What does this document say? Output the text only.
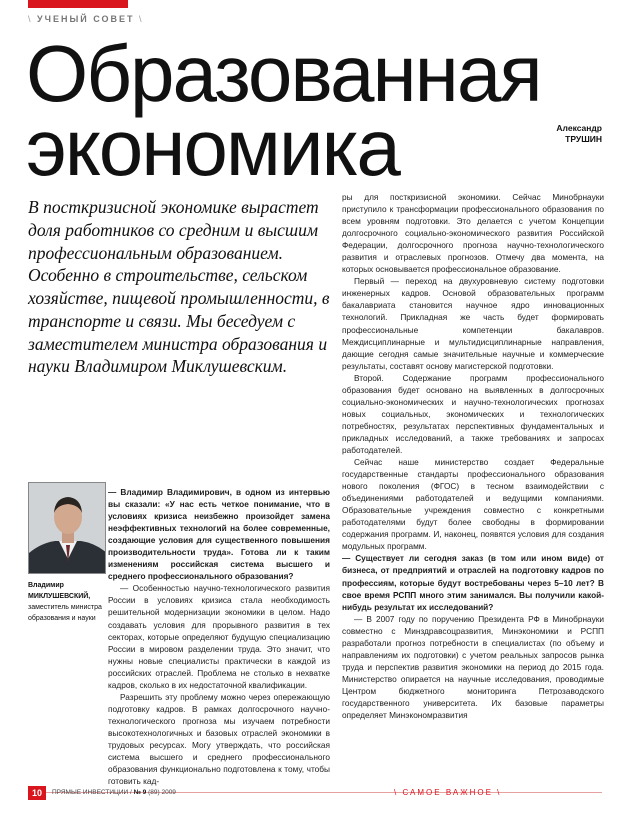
\ УЧЕНЫЙ СОВЕТ \
Образованная
экономика	Александр
ТРУШИН
В посткризисной экономике вырастет доля работников со средним и высшим профессиональным образованием. Особенно в строительстве, сельском хозяйстве, пищевой промышленности, в транспорте и связи. Мы беседуем с заместителем министра образования и науки Владимиром Миклушевским.
Владимир
МИКЛУШЕВСКИЙ,
заместитель министра образования и науки

— Владимир Владимирович, в одном из интервью вы сказали: «У нас есть четкое понимание, что в условиях кризиса неизбежно произойдет замена неэффективных технологий на более современные, создающие условия для существенного повышения производительности труда». Готова ли к таким изменениям российская система высшего и среднего профессионального образования?

— Особенностью научно-технологического развития России в условиях кризиса стала необходимость решительной модернизации экономики в целом. Надо создавать условия для прорывного развития в тех секторах, которые определяют будущую специализацию России в мировом разделении труда. Это значит, что нужны новые специалисты практически в каждой из российских отраслей. Проблема не столько в нехватке кадров, сколько в их недостаточной квалификации.

Разрешить эту проблему можно через опережающую подготовку кадров. В рамках долгосрочного научно-технологического прогноза мы изучаем потребности высокотехнологичных и базовых отраслей экономики в трудовых ресурсах. Могу утверждать, что российская система высшего и среднего профессионального образования функционально подготовлена к тому, чтобы готовить кад-

ры для посткризисной экономики. Сейчас Минобрнауки приступило к трансформации профессионального образования по всем уровням подготовки. Это делается с учетом Концепции долгосрочного социально-экономического развития Российской Федерации, долгосрочного прогноза научно-технологического развития и отраслевых прогнозов. Отмечу два момента, на которых основывается профессиональное образование.

Первый — переход на двухуровневую систему подготовки инженерных кадров. Основой образовательных программ бакалавриата становится научное ядро инновационных технологий. Прикладная же часть будет формировать профессиональные компетенции бакалавров. Междисциплинарные и мультидисциплинарные направления, дающие сегодня самые значительные научные и коммерческие результаты, составят основу магистерской подготовки.

Второй. Содержание программ профессионального образования будет основано на выявленных в долгосрочных социально-экономических и научно-технологических прогнозах новых социальных, экономических и технологических потребностях, результатах перспективных фундаментальных и прикладных исследований, а также требованиях и запросах работодателей.

Сейчас наше министерство создает Федеральные государственные стандарты профессионального образования нового поколения (ФГОС) в тесном взаимодействии с объединениями работодателей и ведущими компаниями. Образовательные учреждения совместно с конкретными работодателями будут более свободны в формировании содержания программ. И, наконец, появятся условия для создания модульных программ.

— Существует ли сегодня заказ (в том или ином виде) от бизнеса, от предприятий и отраслей на подготовку кадров по профессиям, которые будут востребованы через 5–10 лет? В свое время РСПП много этим занимался. Вы получили какой-нибудь результат их исследований?

— В 2007 году по поручению Президента РФ в Минобрнауки совместно с Минздравсоцразвития, Минэкономики и РСПП разработали прогноз потребности в специалистах (по объему и направлениям их подготовки) с учетом реальных запросов рынка труда и перспектив развития экономики на период до 2015 года. Министерство опирается на научные исследования, проводимые Центром бюджетного мониторинга Петрозаводского государственного университета. Их базовые параметры определяет Минэкономразвития

10	ПРЯМЫЕ ИНВЕСТИЦИИ / № 9 (89) 2009	\ САМОЕ ВАЖНОЕ \
